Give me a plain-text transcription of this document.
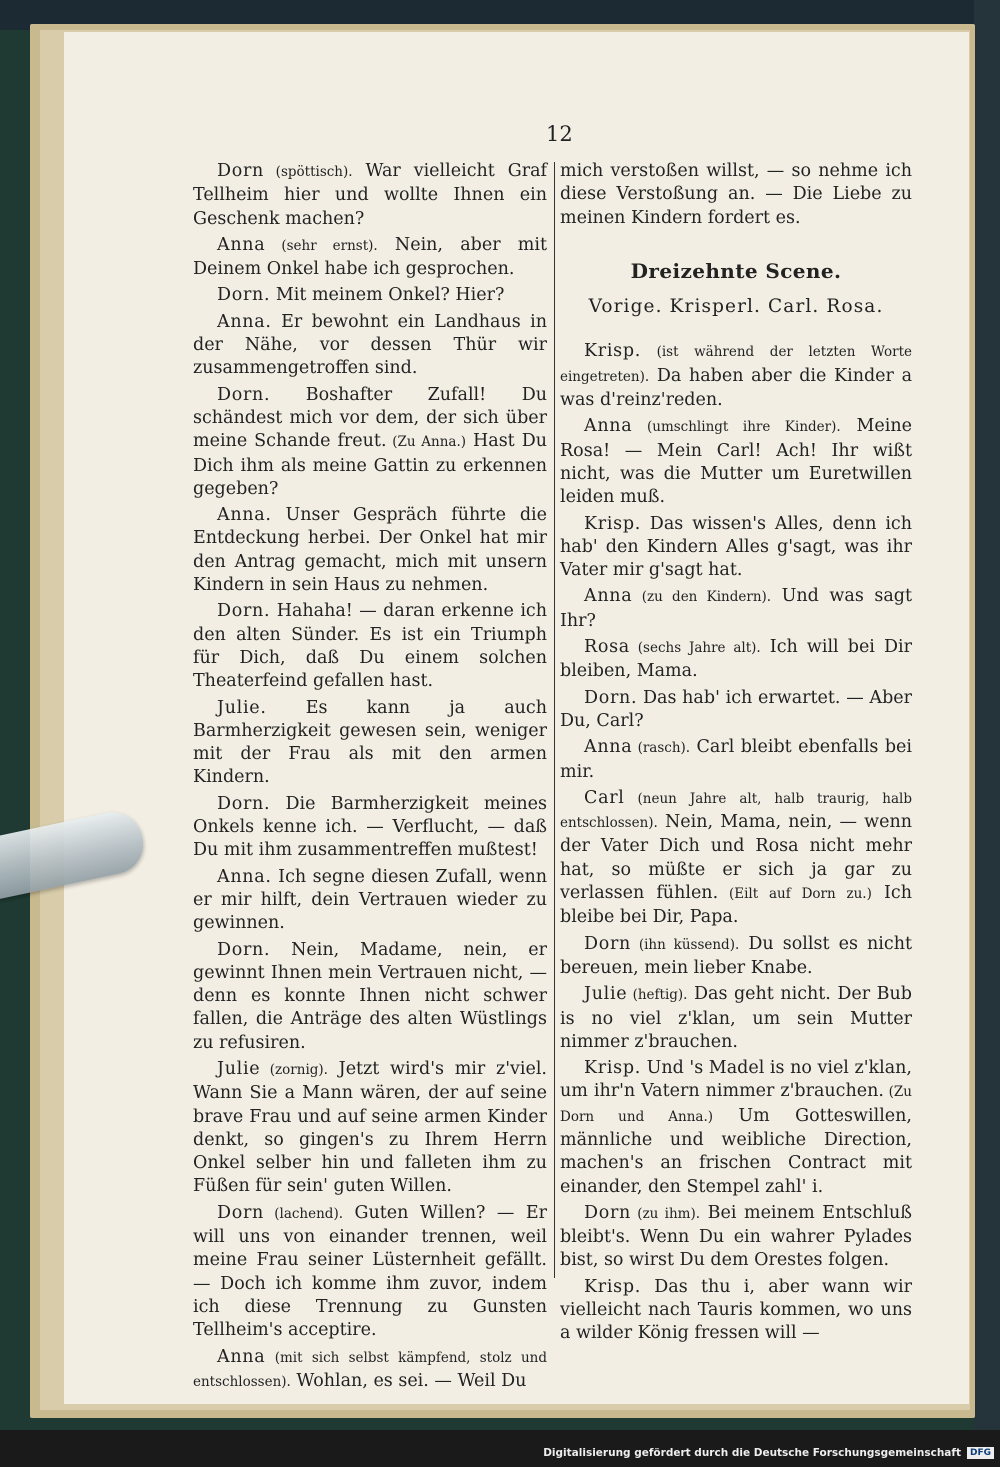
12

Dorn (spöttisch). War vielleicht Graf Tellheim hier und wollte Ihnen ein Geschenk machen?

Anna (sehr ernst). Nein, aber mit Deinem Onkel habe ich gesprochen.

Dorn. Mit meinem Onkel? Hier?

Anna. Er bewohnt ein Landhaus in der Nähe, vor dessen Thür wir zusammengetroffen sind.

Dorn. Boshafter Zufall! Du schändest mich vor dem, der sich über meine Schande freut. (Zu Anna.) Hast Du Dich ihm als meine Gattin zu erkennen gegeben?

Anna. Unser Gespräch führte die Entdeckung herbei. Der Onkel hat mir den Antrag gemacht, mich mit unsern Kindern in sein Haus zu nehmen.

Dorn. Hahaha! — daran erkenne ich den alten Sünder. Es ist ein Triumph für Dich, daß Du einem solchen Theaterfeind gefallen hast.

Julie. Es kann ja auch Barmherzigkeit gewesen sein, weniger mit der Frau als mit den armen Kindern.

Dorn. Die Barmherzigkeit meines Onkels kenne ich. — Verflucht, — daß Du mit ihm zusammentreffen mußtest!

Anna. Ich segne diesen Zufall, wenn er mir hilft, dein Vertrauen wieder zu gewinnen.

Dorn. Nein, Madame, nein, er gewinnt Ihnen mein Vertrauen nicht, — denn es konnte Ihnen nicht schwer fallen, die Anträge des alten Wüstlings zu refusiren.

Julie (zornig). Jetzt wird's mir z'viel. Wann Sie a Mann wären, der auf seine brave Frau und auf seine armen Kinder denkt, so gingen's zu Ihrem Herrn Onkel selber hin und falleten ihm zu Füßen für sein' guten Willen.

Dorn (lachend). Guten Willen? — Er will uns von einander trennen, weil meine Frau seiner Lüsternheit gefällt. — Doch ich komme ihm zuvor, indem ich diese Trennung zu Gunsten Tellheim's acceptire.

Anna (mit sich selbst kämpfend, stolz und entschlossen). Wohlan, es sei. — Weil Du

mich verstoßen willst, — so nehme ich diese Verstoßung an. — Die Liebe zu meinen Kindern fordert es.

Dreizehnte Scene.
Vorige. Krisperl. Carl. Rosa.

Krisp. (ist während der letzten Worte eingetreten). Da haben aber die Kinder a was d'reinz'reden.

Anna (umschlingt ihre Kinder). Meine Rosa! — Mein Carl! Ach! Ihr wißt nicht, was die Mutter um Euretwillen leiden muß.

Krisp. Das wissen's Alles, denn ich hab' den Kindern Alles g'sagt, was ihr Vater mir g'sagt hat.

Anna (zu den Kindern). Und was sagt Ihr?

Rosa (sechs Jahre alt). Ich will bei Dir bleiben, Mama.

Dorn. Das hab' ich erwartet. — Aber Du, Carl?

Anna (rasch). Carl bleibt ebenfalls bei mir.

Carl (neun Jahre alt, halb traurig, halb entschlossen). Nein, Mama, nein, — wenn der Vater Dich und Rosa nicht mehr hat, so müßte er sich ja gar zu verlassen fühlen. (Eilt auf Dorn zu.) Ich bleibe bei Dir, Papa.

Dorn (ihn küssend). Du sollst es nicht bereuen, mein lieber Knabe.

Julie (heftig). Das geht nicht. Der Bub is no viel z'klan, um sein Mutter nimmer z'brauchen.

Krisp. Und 's Madel is no viel z'klan, um ihr'n Vatern nimmer z'brauchen. (Zu Dorn und Anna.) Um Gotteswillen, männliche und weibliche Direction, machen's an frischen Contract mit einander, den Stempel zahl' i.

Dorn (zu ihm). Bei meinem Entschluß bleibt's. Wenn Du ein wahrer Pylades bist, so wirst Du dem Orestes folgen.

Krisp. Das thu i, aber wann wir vielleicht nach Tauris kommen, wo uns a wilder König fressen will —

Digitalisierung gefördert durch die Deutsche Forschungsgemeinschaft	DFG
